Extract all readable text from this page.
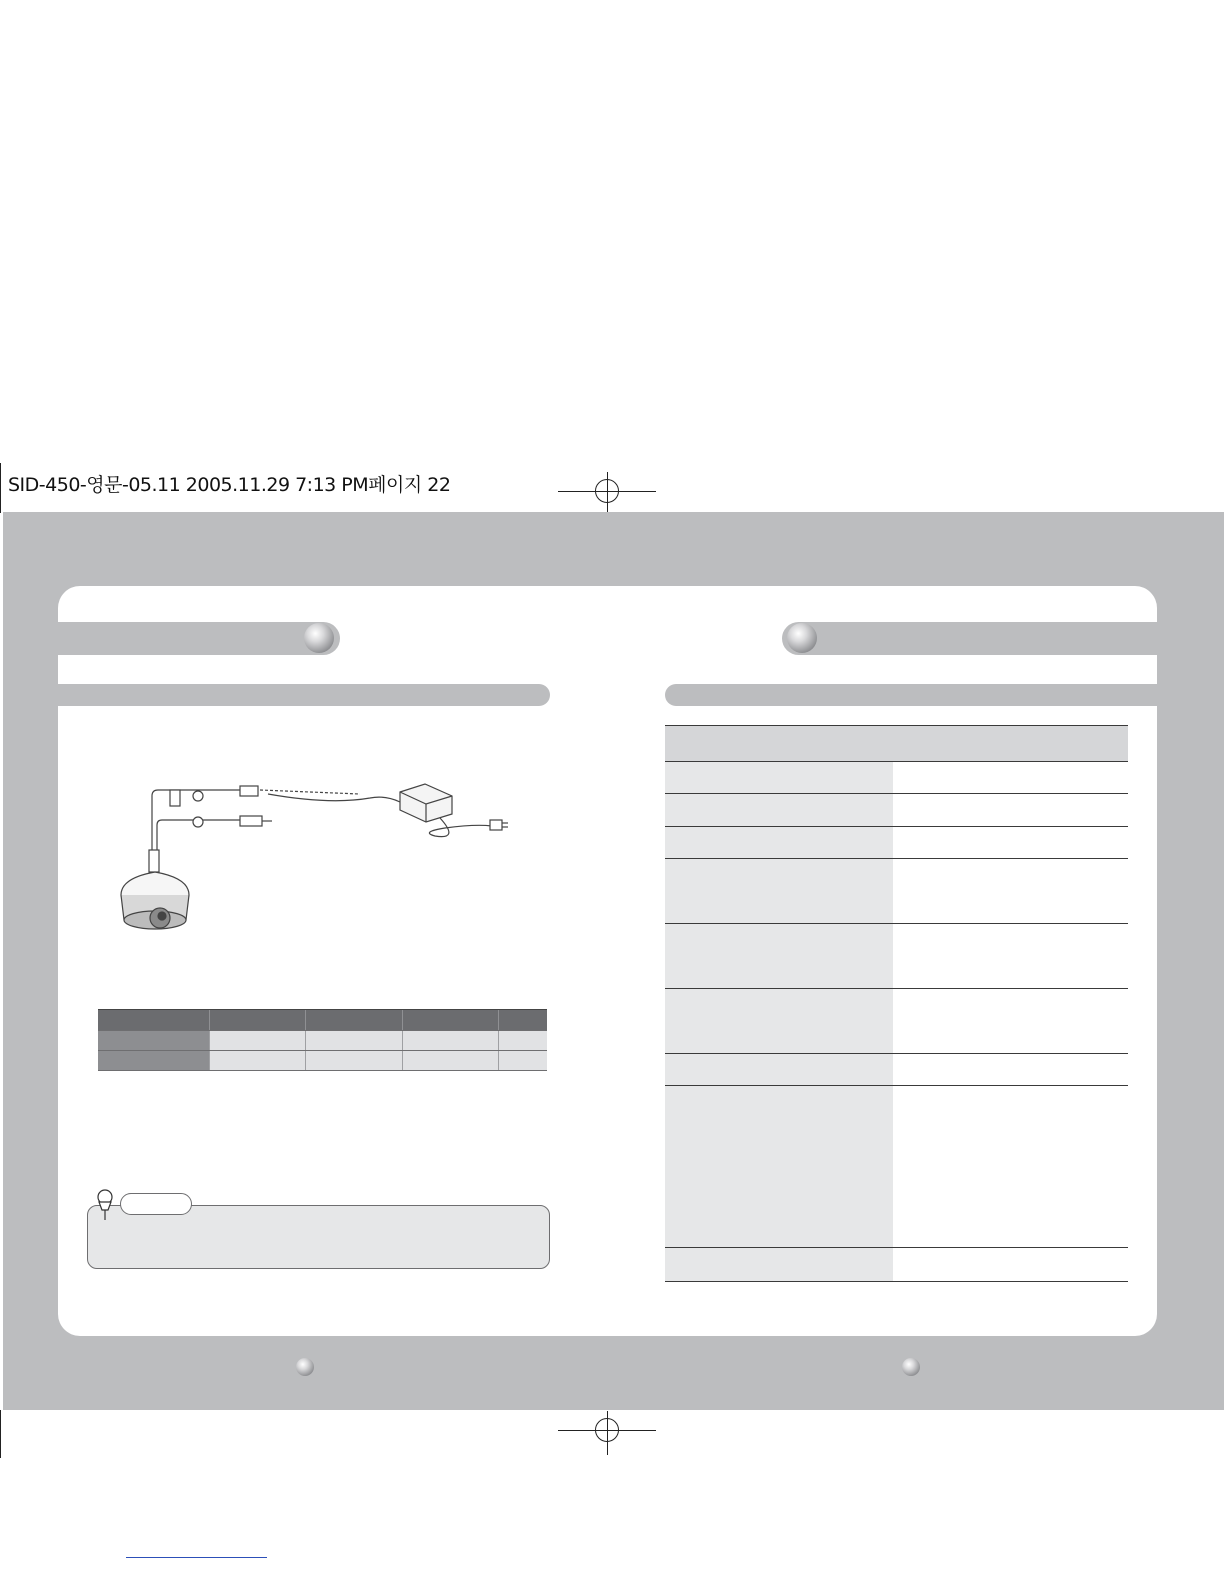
SID-450-영문-05.11 2005.11.29 7:13 PM페이지 22
